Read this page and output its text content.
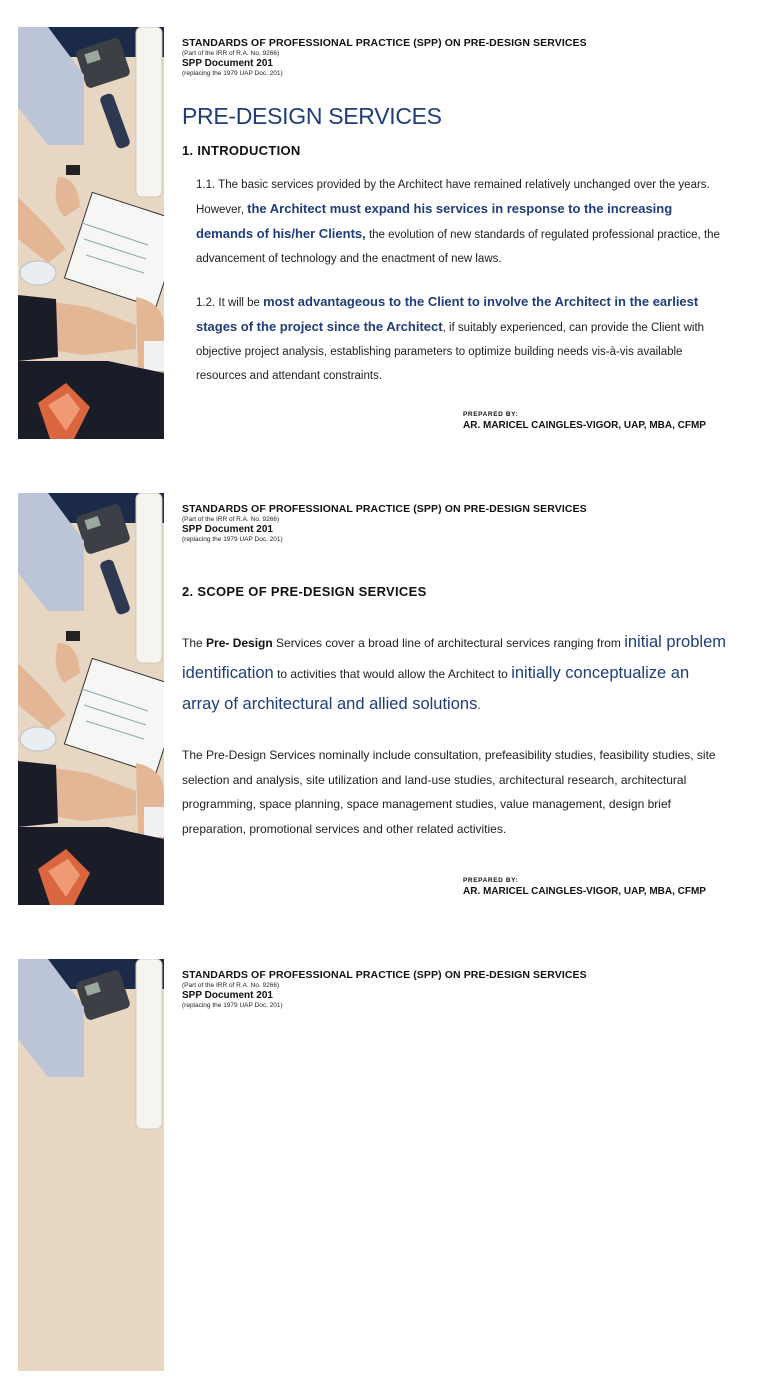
STANDARDS OF PROFESSIONAL PRACTICE (SPP) ON PRE-DESIGN SERVICES
(Part of the IRR of R.A. No. 9266)
SPP Document 201
(replacing the 1979 UAP Doc. 201)
PRE-DESIGN SERVICES
1. INTRODUCTION
1.1. The basic services provided by the Architect have remained relatively unchanged over the years. However, the Architect must expand his services in response to the increasing demands of his/her Clients, the evolution of new standards of regulated professional practice, the advancement of technology and the enactment of new laws.
1.2. It will be most advantageous to the Client to involve the Architect in the earliest stages of the project since the Architect, if suitably experienced, can provide the Client with objective project analysis, establishing parameters to optimize building needs vis-à-vis available resources and attendant constraints.
PREPARED BY:
AR. MARICEL CAINGLES-VIGOR, UAP, MBA, CFMP
STANDARDS OF PROFESSIONAL PRACTICE (SPP) ON PRE-DESIGN SERVICES
(Part of the IRR of R.A. No. 9266)
SPP Document 201
(replacing the 1979 UAP Doc. 201)
2. SCOPE OF PRE-DESIGN SERVICES
The Pre- Design Services cover a broad line of architectural services ranging from initial problem identification to activities that would allow the Architect to initially conceptualize an array of architectural and allied solutions.
The Pre-Design Services nominally include consultation, prefeasibility studies, feasibility studies, site selection and analysis, site utilization and land-use studies, architectural research, architectural programming, space planning, space management studies, value management, design brief preparation, promotional services and other related activities.
PREPARED BY:
AR. MARICEL CAINGLES-VIGOR, UAP, MBA, CFMP
STANDARDS OF PROFESSIONAL PRACTICE (SPP) ON PRE-DESIGN SERVICES
(Part of the IRR of R.A. No. 9266)
SPP Document 201
(replacing the 1979 UAP Doc. 201)
